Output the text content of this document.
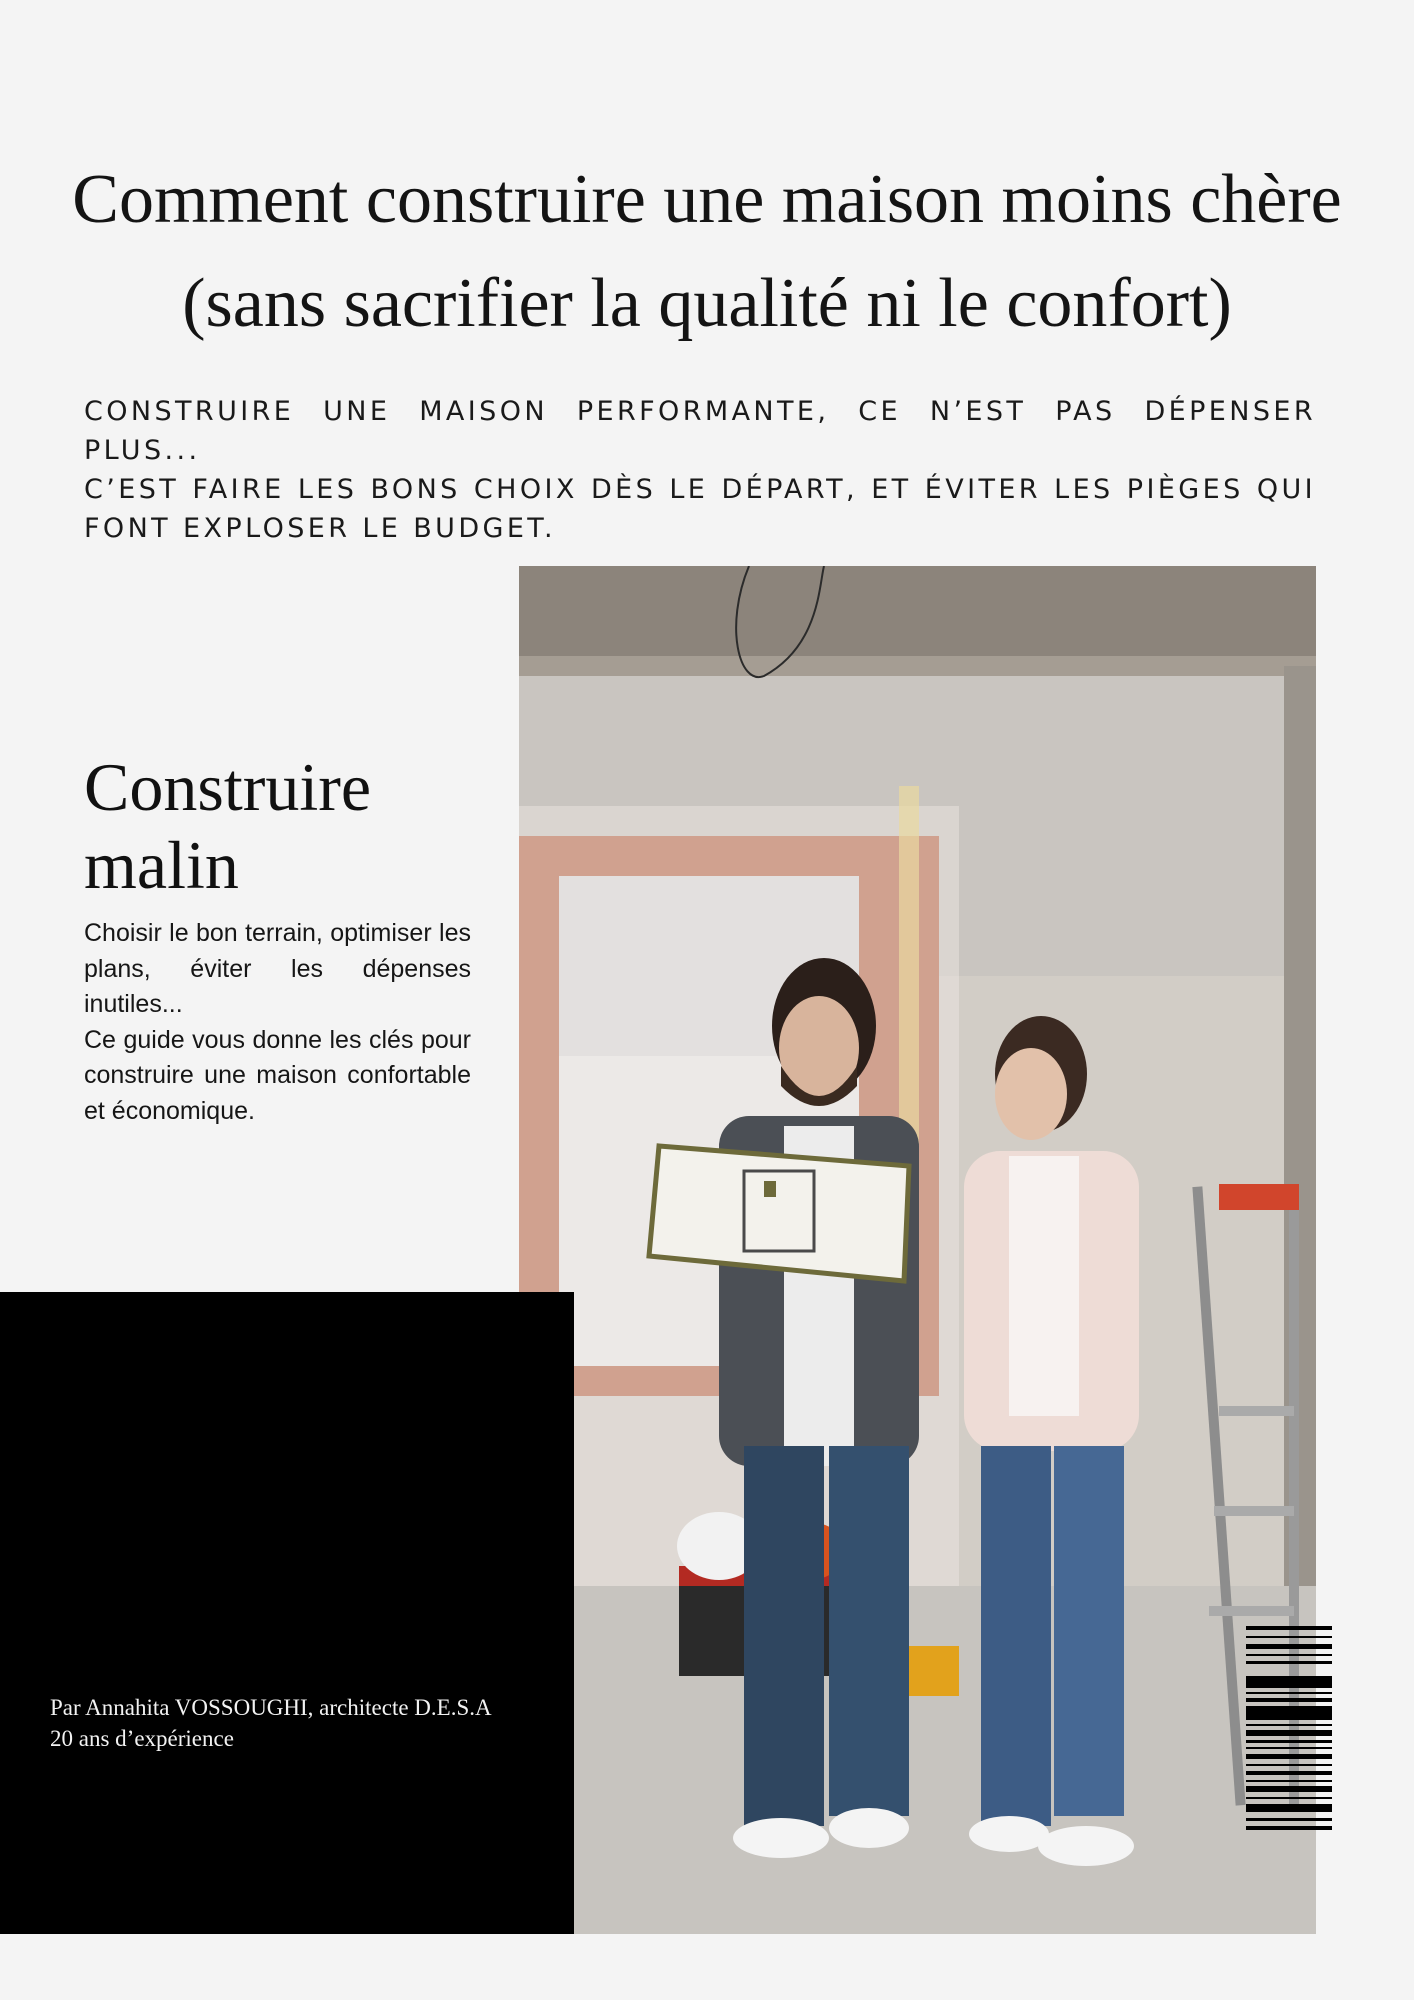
Comment construire une maison moins chère (sans sacrifier la qualité ni le confort)

CONSTRUIRE UNE MAISON PERFORMANTE, CE N’EST PAS DÉPENSER PLUS...
C’EST FAIRE LES BONS CHOIX DÈS LE DÉPART, ET ÉVITER LES PIÈGES QUI FONT EXPLOSER LE BUDGET.

Construire malin

Choisir le bon terrain, optimiser les plans, éviter les dépenses inutiles...
Ce guide vous donne les clés pour construire une maison confortable et économique.

Par Annahita VOSSOUGHI, architecte D.E.S.A
20 ans d’expérience
